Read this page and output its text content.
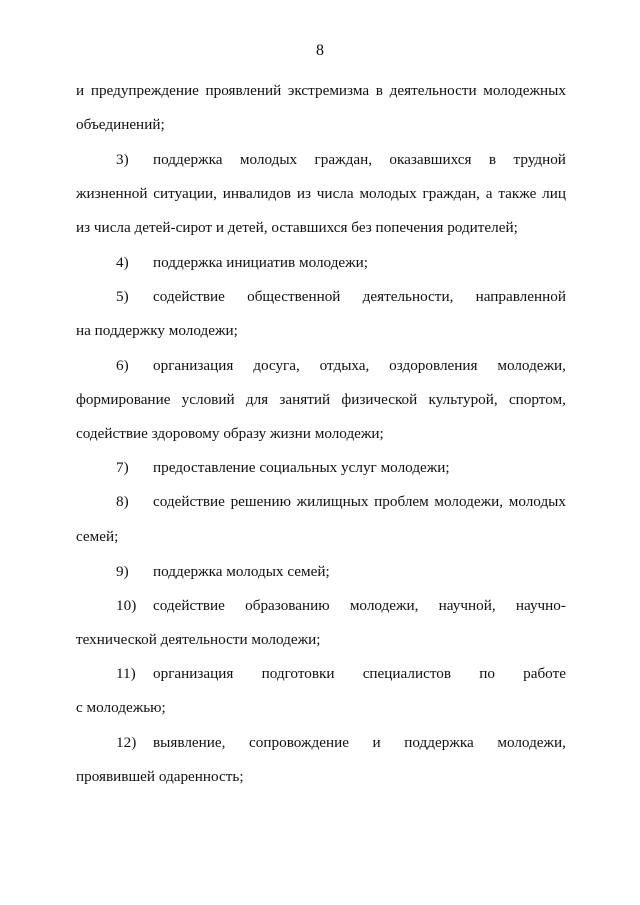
8
и предупреждение проявлений экстремизма в деятельности молодежных
объединений;
3) поддержка молодых граждан, оказавшихся в трудной
жизненной ситуации, инвалидов из числа молодых граждан, а также лиц
из числа детей-сирот и детей, оставшихся без попечения родителей;
4) поддержка инициатив молодежи;
5) содействие общественной деятельности, направленной
на поддержку молодежи;
6) организация досуга, отдыха, оздоровления молодежи,
формирование условий для занятий физической культурой, спортом,
содействие здоровому образу жизни молодежи;
7) предоставление социальных услуг молодежи;
8) содействие решению жилищных проблем молодежи, молодых
семей;
9) поддержка молодых семей;
10) содействие образованию молодежи, научной, научно-
технической деятельности молодежи;
11) организация подготовки специалистов по работе
с молодежью;
12) выявление, сопровождение и поддержка молодежи,
проявившей одаренность;
